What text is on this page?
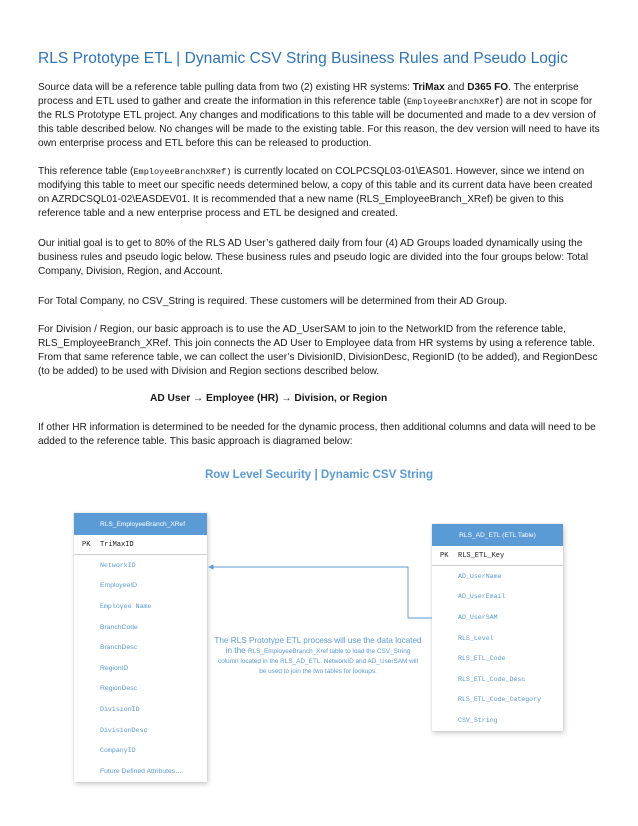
RLS Prototype ETL | Dynamic CSV String Business Rules and Pseudo Logic

Source data will be a reference table pulling data from two (2) existing HR systems: TriMax and D365 FO. The enterprise process and ETL used to gather and create the information in this reference table (EmployeeBranchXRef) are not in scope for the RLS Prototype ETL project. Any changes and modifications to this table will be documented and made to a dev version of this table described below. No changes will be made to the existing table. For this reason, the dev version will need to have its own enterprise process and ETL before this can be released to production.

This reference table (EmployeeBranchXRef) is currently located on COLPCSQL03-01\EAS01. However, since we intend on modifying this table to meet our specific needs determined below, a copy of this table and its current data have been created on AZRDCSQL01-02\EASDEV01. It is recommended that a new name (RLS_EmployeeBranch_XRef) be given to this reference table and a new enterprise process and ETL be designed and created.

Our initial goal is to get to 80% of the RLS AD User’s gathered daily from four (4) AD Groups loaded dynamically using the business rules and pseudo logic below. These business rules and pseudo logic are divided into the four groups below: Total Company, Division, Region, and Account.

For Total Company, no CSV_String is required. These customers will be determined from their AD Group.

For Division / Region, our basic approach is to use the AD_UserSAM to join to the NetworkID from the reference table, RLS_EmployeeBranch_XRef. This join connects the AD User to Employee data from HR systems by using a reference table. From that same reference table, we can collect the user’s DivisionID, DivisionDesc, RegionID (to be added), and RegionDesc (to be added) to be used with Division and Region sections described below.

AD User → Employee (HR) → Division, or Region

If other HR information is determined to be needed for the dynamic process, then additional columns and data will need to be added to the reference table. This basic approach is diagramed below:

Row Level Security | Dynamic CSV String
RLS_EmployeeBranch_XRef
PK TriMaxID
NetworkID
EmployeeID
Employee Name
BranchCode
BranchDesc
RegionID
RegionDesc
DivisionID
DivisionDesc
CompanyID
Future Defined Attributes…
RLS_AD_ETL (ETL Table)
PK RLS_ETL_Key
AD_UserName
AD_UserEmail
AD_UserSAM
RLS_Level
RLS_ETL_Code
RLS_ETL_Code_Desc
RLS_ETL_Code_Category
CSV_String
The RLS Prototype ETL process will use the data located
in the RLS_EmployeeBranch_Xref table to load the CSV_String
column located in the RLS_AD_ETL. NetworkID and AD_UserSAM will be used to join the two tables for lookups.
